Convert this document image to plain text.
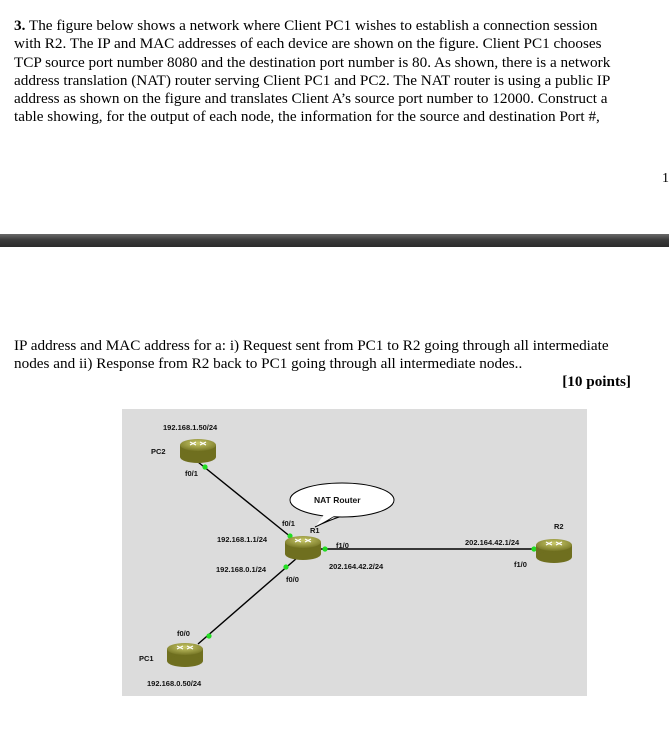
3. The figure below shows a network where Client PC1 wishes to establish a connection session
with R2. The IP and MAC addresses of each device are shown on the figure. Client PC1 chooses
TCP source port number 8080 and the destination port number is 80. As shown, there is a network
address translation (NAT) router serving Client PC1 and PC2. The NAT router is using a public IP
address as shown on the figure and translates Client A’s source port number to 12000. Construct a
table showing, for the output of each node, the information for the source and destination Port #,
1
IP address and MAC address for a: i) Request sent from PC1 to R2 going through all intermediate
nodes and ii) Response from R2 back to PC1 going through all intermediate nodes..
[10 points]
192.168.1.50/24
PC2
f0/1
NAT Router
f0/1
R1
192.168.1.1/24
f1/0
192.168.0.1/24	202.164.42.2/24
f0/0
R2
202.164.42.1/24
f1/0
f0/0
PC1
192.168.0.50/24
